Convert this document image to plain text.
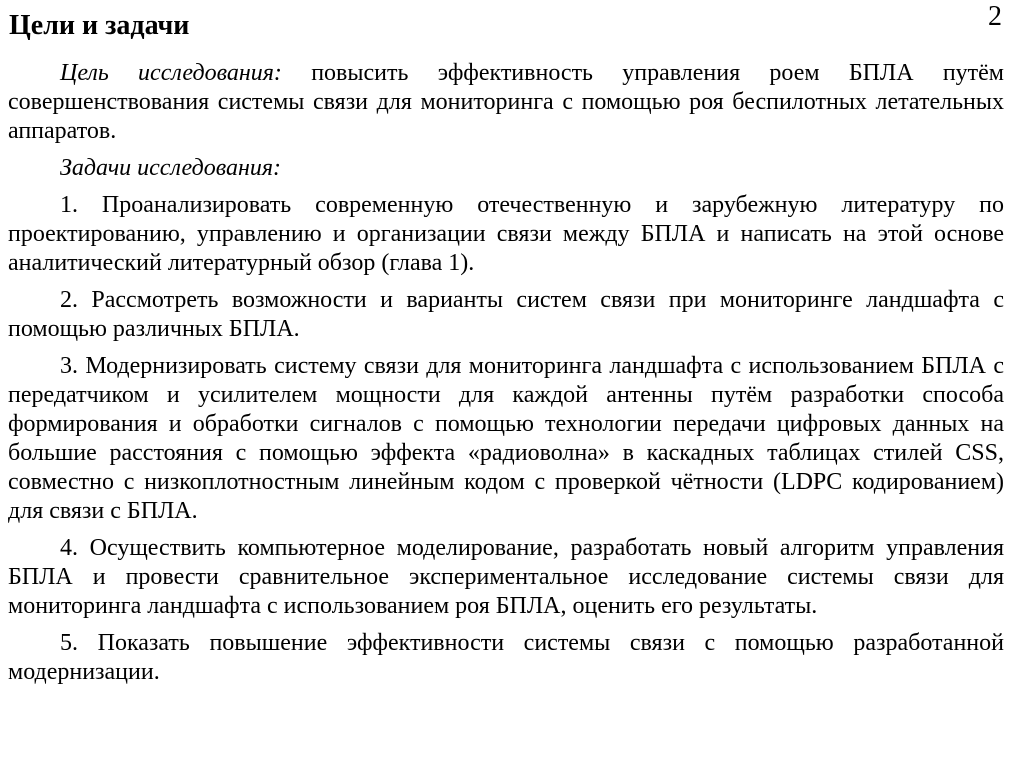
2
Цели и задачи

Цель исследования: повысить эффективность управления роем БПЛА путём совершенствования системы связи для мониторинга с помощью роя беспилотных летательных аппаратов.

Задачи исследования:

1. Проанализировать современную отечественную и зарубежную литературу по проектированию, управлению и организации связи между БПЛА и написать на этой основе аналитический литературный обзор (глава 1).

2. Рассмотреть возможности и варианты систем связи при мониторинге ландшафта с помощью различных БПЛА.

3. Модернизировать систему связи для мониторинга ландшафта с использованием БПЛА с передатчиком и усилителем мощности для каждой антенны путём разработки способа формирования и обработки сигналов с помощью технологии передачи цифровых данных на большие расстояния с помощью эффекта «радиоволна» в каскадных таблицах стилей CSS, совместно с низкоплотностным линейным кодом с проверкой чётности (LDPC кодированием) для связи с БПЛА.

4. Осуществить компьютерное моделирование, разработать новый алгоритм управления БПЛА и провести сравнительное экспериментальное исследование системы связи для мониторинга ландшафта с использованием роя БПЛА, оценить его результаты.

5. Показать повышение эффективности системы связи с помощью разработанной модернизации.
